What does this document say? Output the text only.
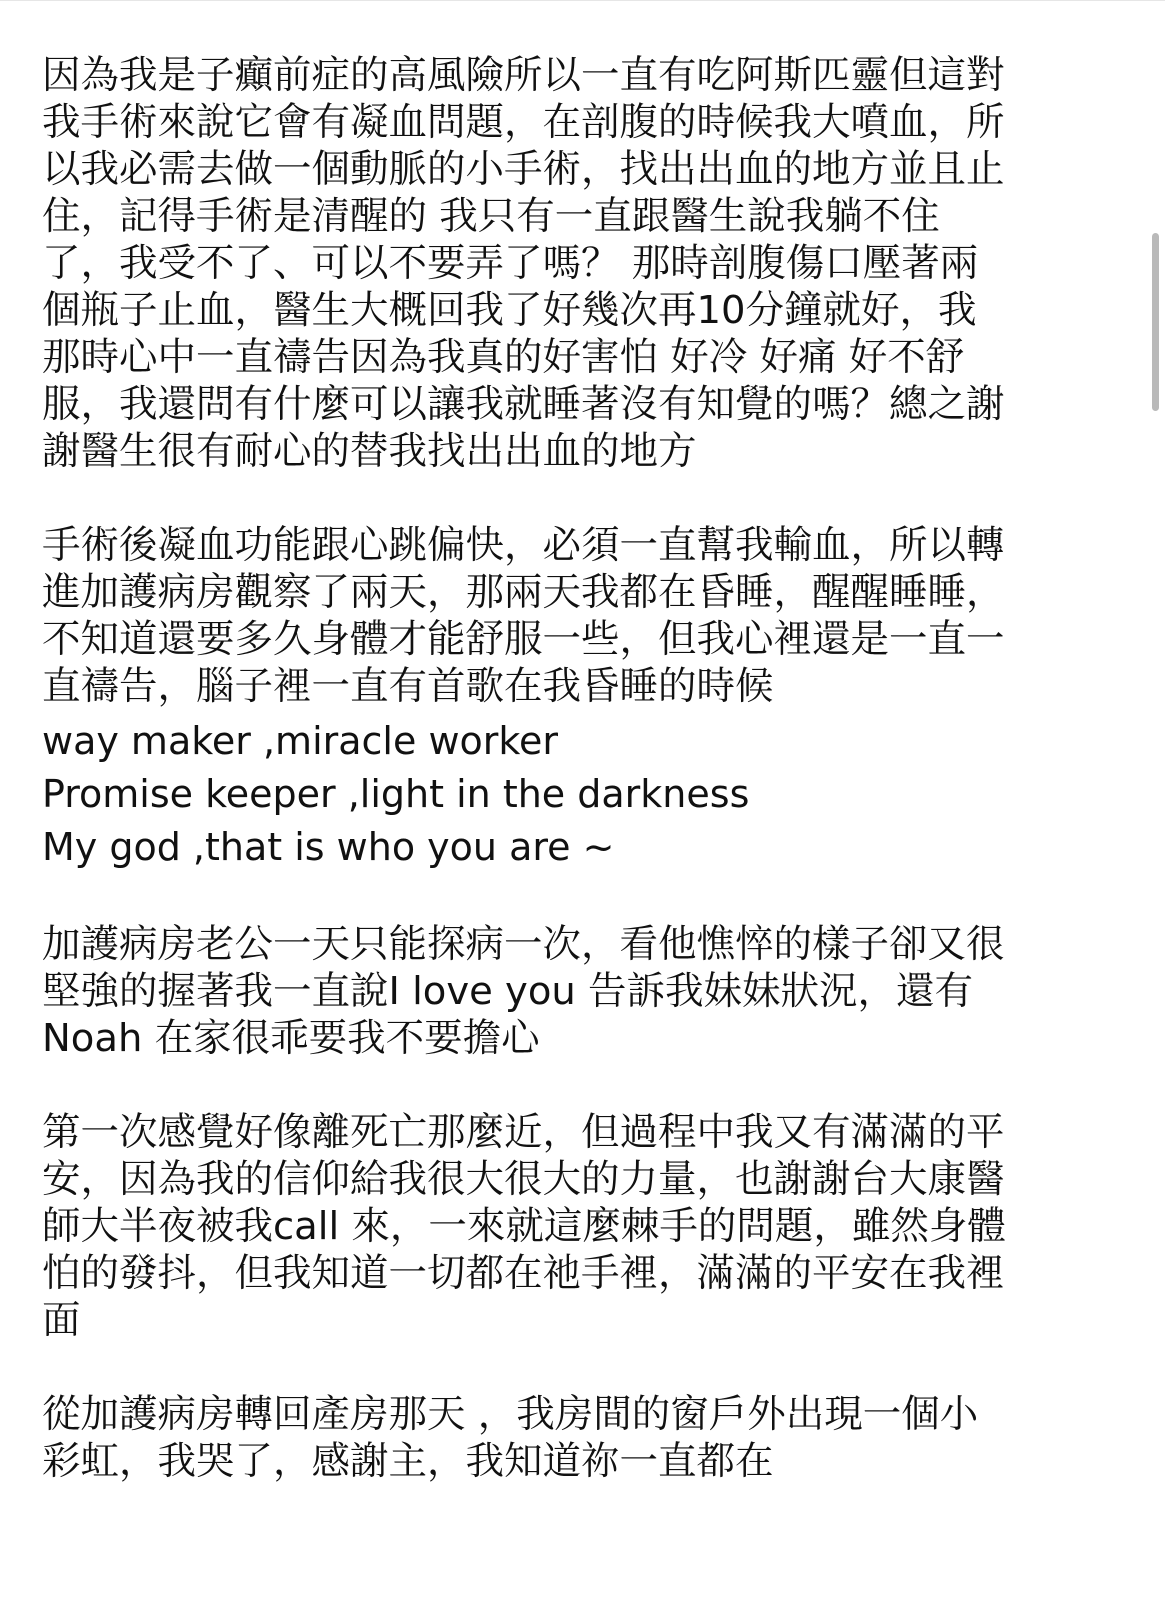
因為我是子癲前症的高風險所以一直有吃阿斯匹靈但這對
我手術來說它會有凝血問題，在剖腹的時候我大噴血，所
以我必需去做一個動脈的小手術，找出出血的地方並且止
住，記得手術是清醒的 我只有一直跟醫生說我躺不住
了，我受不了、可以不要弄了嗎？ 那時剖腹傷口壓著兩
個瓶子止血，醫生大概回我了好幾次再10分鐘就好，我
那時心中一直禱告因為我真的好害怕 好冷 好痛 好不舒
服，我還問有什麼可以讓我就睡著沒有知覺的嗎？總之謝
謝醫生很有耐心的替我找出出血的地方

手術後凝血功能跟心跳偏快，必須一直幫我輸血，所以轉
進加護病房觀察了兩天，那兩天我都在昏睡，醒醒睡睡，
不知道還要多久身體才能舒服一些，但我心裡還是一直一
直禱告，腦子裡一直有首歌在我昏睡的時候

way maker ,miracle worker
Promise keeper ,light in the darkness
My god ,that is who you are ~

加護病房老公一天只能探病一次，看他憔悴的樣子卻又很
堅強的握著我一直說I love you 告訴我妹妹狀況，還有
Noah 在家很乖要我不要擔心

第一次感覺好像離死亡那麼近，但過程中我又有滿滿的平
安，因為我的信仰給我很大很大的力量，也謝謝台大康醫
師大半夜被我call 來，一來就這麼棘手的問題，雖然身體
怕的發抖，但我知道一切都在祂手裡，滿滿的平安在我裡
面

從加護病房轉回產房那天 ，我房間的窗戶外出現一個小
彩虹，我哭了，感謝主，我知道祢一直都在
